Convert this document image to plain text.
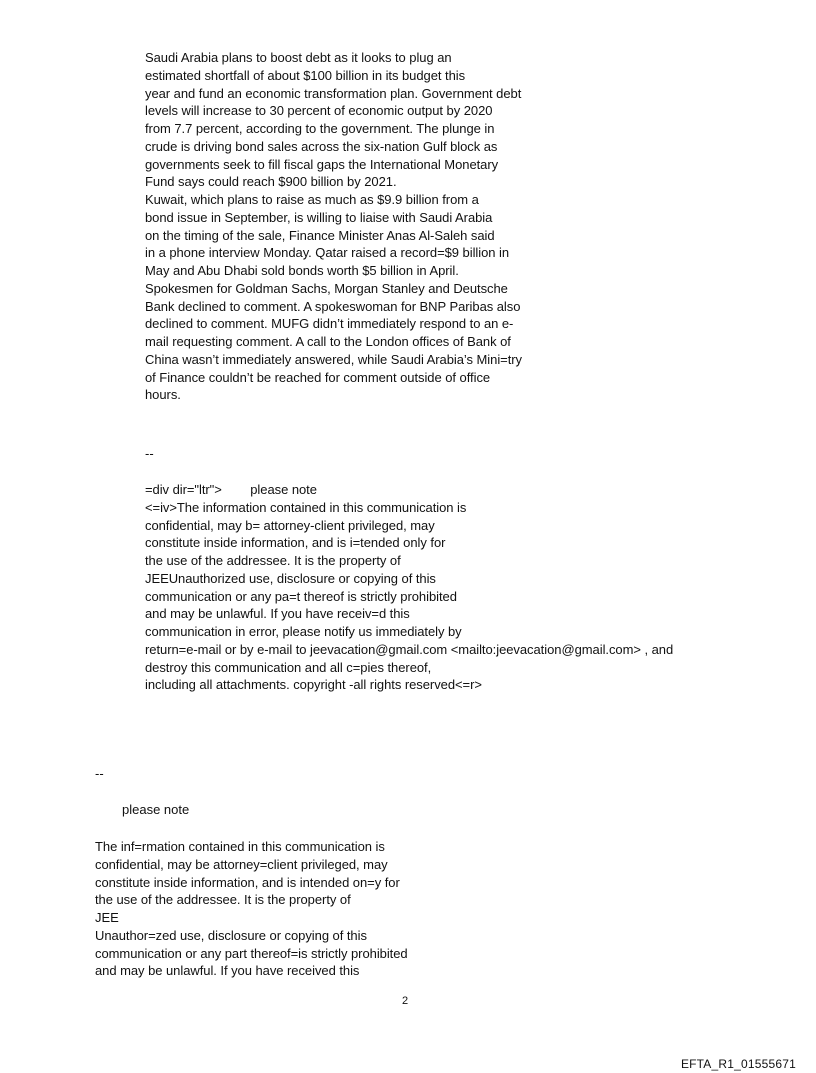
Saudi Arabia plans to boost debt as it looks to plug an
estimated shortfall of about $100 billion in its budget this
year and fund an economic transformation plan. Government debt
levels will increase to 30 percent of economic output by 2020
from 7.7 percent, according to the government. The plunge in
crude is driving bond sales across the six-nation Gulf block as
governments seek to fill fiscal gaps the International Monetary
Fund says could reach $900 billion by 2021.
Kuwait, which plans to raise as much as $9.9 billion from a
bond issue in September, is willing to liaise with Saudi Arabia
on the timing of the sale, Finance Minister Anas Al-Saleh said
in a phone interview Monday. Qatar raised a record=$9 billion in
May and Abu Dhabi sold bonds worth $5 billion in April.
Spokesmen for Goldman Sachs, Morgan Stanley and Deutsche
Bank declined to comment. A spokeswoman for BNP Paribas also
declined to comment. MUFG didn’t immediately respond to an e-
mail requesting comment. A call to the London offices of Bank of
China wasn’t immediately answered, while Saudi Arabia’s Mini=try
of Finance couldn’t be reached for comment outside of office
hours.
--
=div dir="ltr">        please note
<=iv>The information contained in this communication is
confidential, may b= attorney-client privileged, may
constitute inside information, and is i=tended only for
the use of the addressee. It is the property of
JEEUnauthorized use, disclosure or copying of this
communication or any pa=t thereof is strictly prohibited
and may be unlawful. If you have receiv=d this
communication in error, please notify us immediately by
return=e-mail or by e-mail to jeevacation@gmail.com <mailto:jeevacation@gmail.com> , and
destroy this communication and all c=pies thereof,
including all attachments. copyright -all rights reserved<=r>
--
please note
The inf=rmation contained in this communication is
confidential, may be attorney=client privileged, may
constitute inside information, and is intended on=y for
the use of the addressee. It is the property of
JEE
Unauthor=zed use, disclosure or copying of this
communication or any part thereof=is strictly prohibited
and may be unlawful. If you have received this
2
EFTA_R1_01555671
